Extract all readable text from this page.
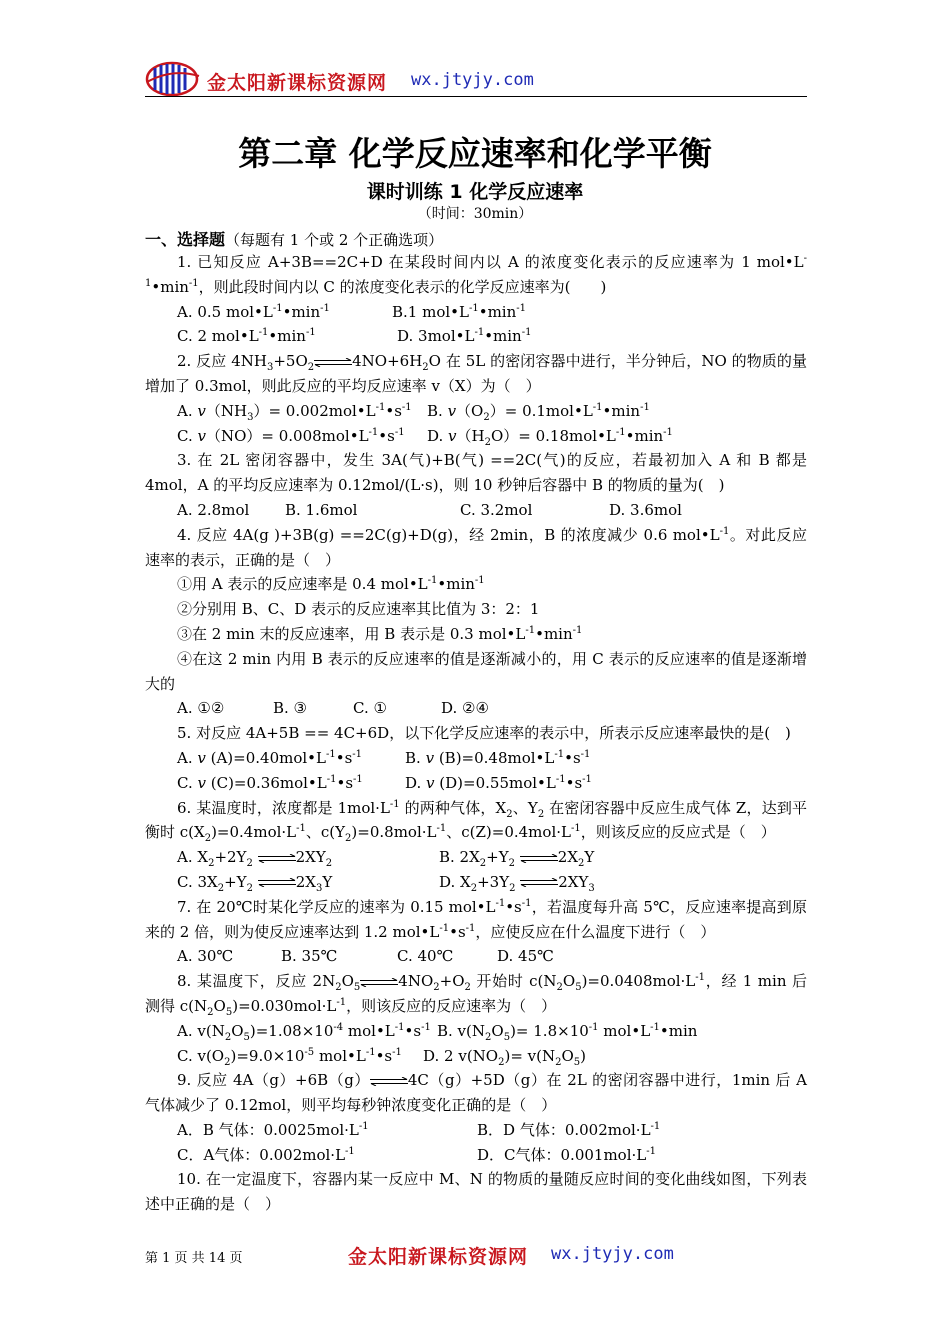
金太阳新课标资源网 wx.jtyjy.com
第二章 化学反应速率和化学平衡
课时训练 1 化学反应速率
（时间：30min）
一、选择题（每题有 1 个或 2 个正确选项）

1. 已知反应 A+3B==2C+D 在某段时间内以 A 的浓度变化表示的反应速率为 1 $mol•L^{-1}•\min^{-1}$，则此段时间内以 C 的浓度变化表示的化学反应速率为(　　)

A. 0.5 $mol•L^{-1}•\min^{-1}$	B.1 $mol•L^{-1}•\min^{-1}$

C. 2 $mol•L^{-1}•\min^{-1}$	D. $3mol•L^{-1}•\min^{-1}$

2. 反应 $4NH_3+5O_2\rightleftharpoons 4NO+6H_2O$ 在 5L 的密闭容器中进行，半分钟后，NO 的物质的量增加了 0.3mol，则此反应的平均反应速率 v（X）为（　）

A. $v(NH_3)=$ $0.002mol•L^{-1}•s^{-1}$ B. $v(O_2)=$ $0.1mol•L^{-1}•\min^{-1}$

C. $v(NO)= 0.008mol•L^{-1}•s^{-1}$ D. $v(H_2O)=$ $0.18mol•L^{-1}•\min^{-1}$

3. 在 2L 密闭容器中，发生 3A(气)+B(气) ==2C(气)的反应，若最初加入 A 和 B 都是 4mol，A 的平均反应速率为 0.12mol/(L·s)，则 10 秒钟后容器中 B 的物质的量为(　)

A. 2.8mol B. 1.6mol	C. 3.2mol	D. 3.6mol

4. 反应 4A(g )+3B(g) ==2C(g)+D(g)，经 2min，B 的浓度减少 0.6 $mol•L^{-1}$。对此反应速率的表示，正确的是（　）

①用 A 表示的反应速率是 0.4 $mol•L^{-1}•\min^{-1}$

②分别用 B、C、D 表示的反应速率其比值为 3：2：1

③在 2 min 末的反应速率，用 B 表示是 0.3 $mol•L^{-1}•\min^{-1}$

④在这 2 min 内用 B 表示的反应速率的值是逐渐减小的，用 C 表示的反应速率的值是逐渐增大的

A. ①②	B. ③	C. ①	D. ②④

5. 对反应 4A+5B == 4C+6D，以下化学反应速率的表示中，所表示反应速率最快的是(　)

A. v $(A)=0.40mol•L^{-1}•s^{-1}$	B. v $(B)=0.48mol•L^{-1}•s^{-1}$

C. v $(C)=0.36mol•L^{-1}•s^{-1}$	D. v $(D)=0.55mol•L^{-1}•s^{-1}$

6. 某温度时，浓度都是 $1mol\cdot L^{-1}$ 的两种气体，$X_2$、$Y_2$ 在密闭容器中反应生成气体 Z，达到平衡时 $c(X_2)=0.4mol\cdot L^{-1}$、$c(Y_2)=0.8mol\cdot L^{-1}$、$c(Z)=0.4mol\cdot L^{-1}$，则该反应的反应式是（　）

A. $X_2+2Y_2$ $\rightleftharpoons 2XY_2$	B. $2X_2+Y_2$ $\rightleftharpoons 2X_2Y$

C. $3X_2+Y_2$ $\rightleftharpoons 2X_3Y$	D. $X_2+3Y_2$ $\rightleftharpoons 2XY_3$

7. 在 20℃时某化学反应的速率为 0.15 $mol•L^{-1}•s^{-1}$，若温度每升高 5℃，反应速率提高到原来的 2 倍，则为使反应速率达到 1.2 $mol•L^{-1}•s^{-1}$，应使反应在什么温度下进行（　）

A. 30℃	B. 35℃	C. 40℃	D. 45℃

8. 某温度下，反应 $2N_2O_5\rightleftharpoons 4NO_2+O_2$ 开始时 $c(N_2O_5)=0.0408mol\cdot L^{-1}$，经 1 min 后测得 $c(N_2O_5)=0.030mol\cdot L^{-1}$，则该反应的反应速率为（　）

A. $v(N_2O_5)=1.08\times 10^{-4}$ $mol•L^{-1}•s^{-1}$ B. $v(N_2O_5)= 1.8\times 10^{-1}$ $mol•L^{-1}•\min$

C. $v(O_2)=9.0\times 10^{-5}$ $mol•L^{-1}•s^{-1}$ D. 2 $v(NO_2)= v(N_2O_5)$

9. 反应 4A（g）+6B（g）⇌4C（g）+5D（g）在 2L 的密闭容器中进行，1min 后 A 气体减少了 0.12mol，则平均每秒钟浓度变化正确的是（　）

A．B 气体：$0.0025mol\cdot L^{-1}$	B．D 气体：$0.002mol\cdot L^{-1}$

C．A气体：$0.002mol\cdot L^{-1}$	D．C气体：$0.001mol\cdot L^{-1}$

10. 在一定温度下，容器内某一反应中 M、N 的物质的量随反应时间的变化曲线如图，下列表述中正确的是（　）

第 1 页 共 14 页	金太阳新课标资源网 wx.jtyjy.com
